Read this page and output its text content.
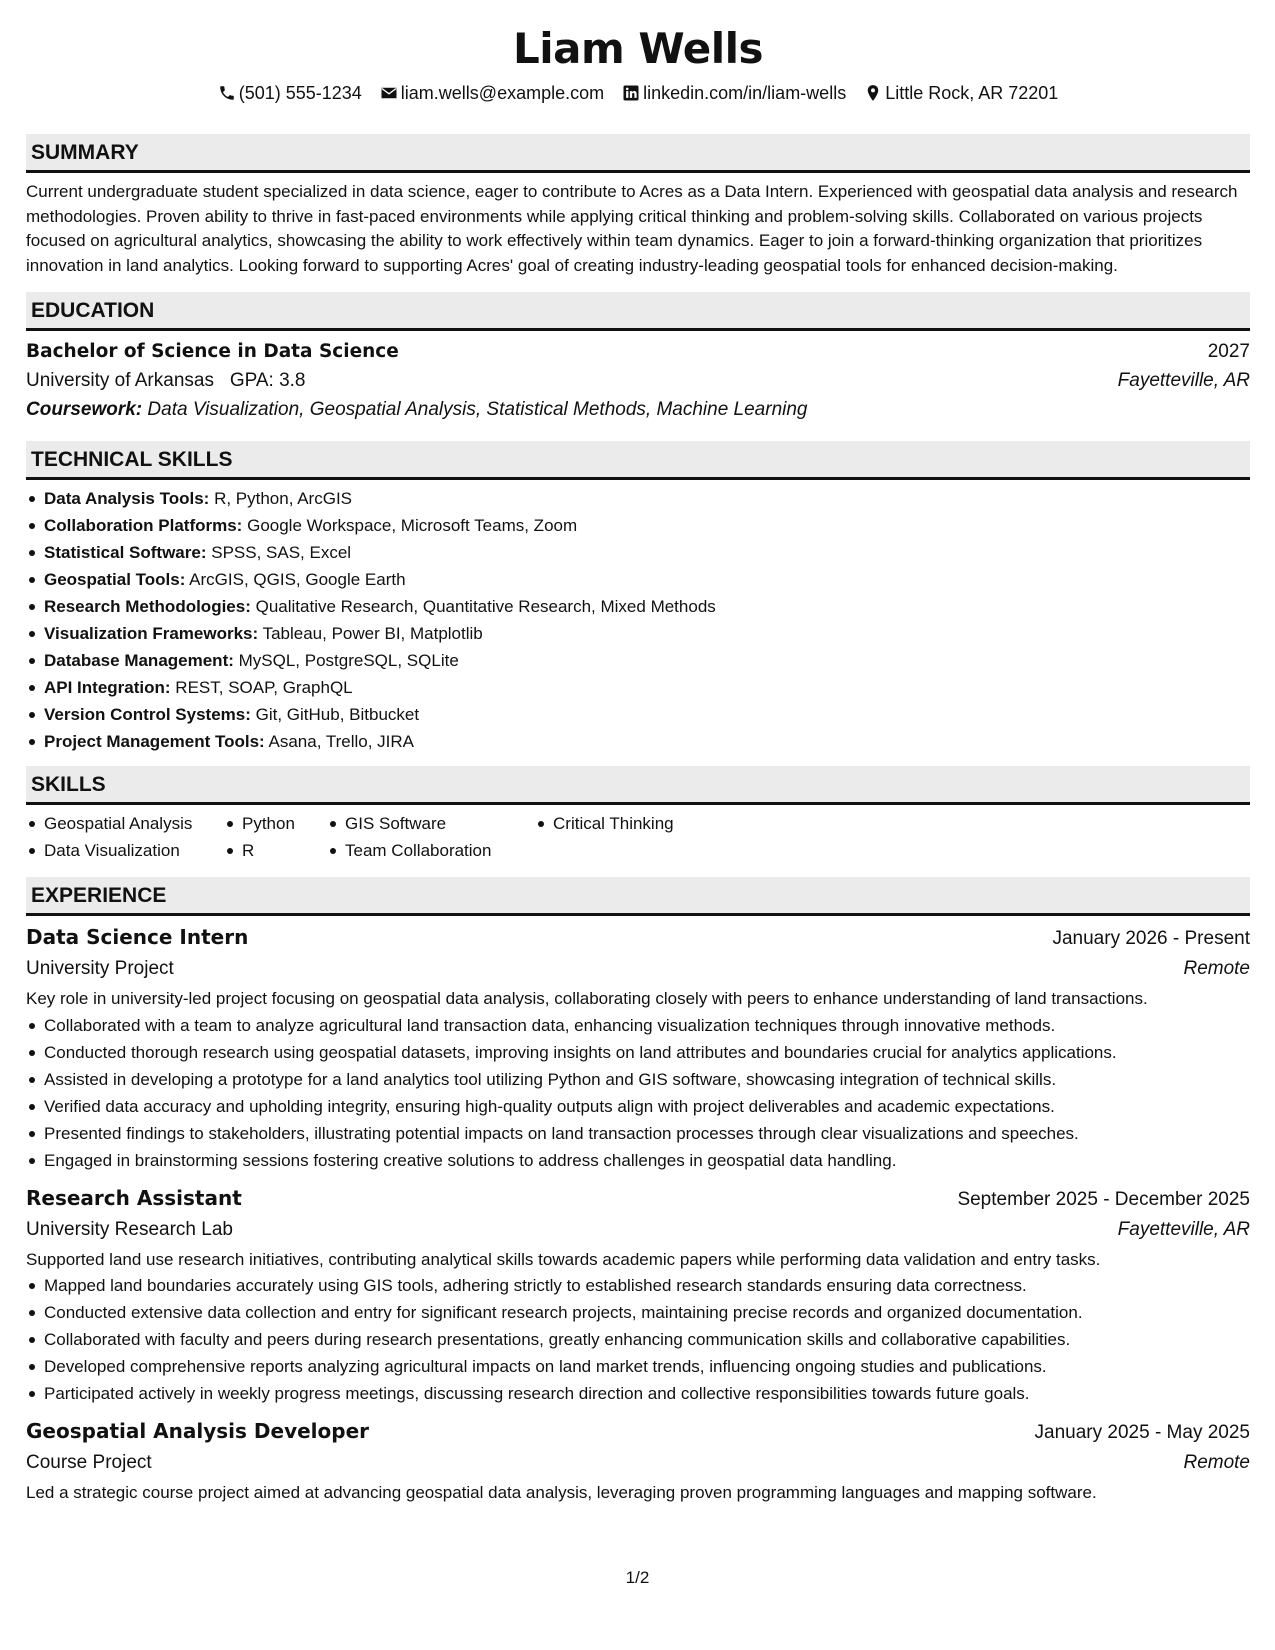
Liam Wells
(501) 555-1234 liam.wells@example.com linkedin.com/in/liam-wells Little Rock, AR 72201
SUMMARY
Current undergraduate student specialized in data science, eager to contribute to Acres as a Data Intern. Experienced with geospatial data analysis and research methodologies. Proven ability to thrive in fast-paced environments while applying critical thinking and problem-solving skills. Collaborated on various projects focused on agricultural analytics, showcasing the ability to work effectively within team dynamics. Eager to join a forward-thinking organization that prioritizes innovation in land analytics. Looking forward to supporting Acres' goal of creating industry-leading geospatial tools for enhanced decision-making.
EDUCATION
Bachelor of Science in Data Science	2027
University of Arkansas GPA: 3.8	Fayetteville, AR
Coursework: Data Visualization, Geospatial Analysis, Statistical Methods, Machine Learning
TECHNICAL SKILLS
Data Analysis Tools: R, Python, ArcGIS
Collaboration Platforms: Google Workspace, Microsoft Teams, Zoom
Statistical Software: SPSS, SAS, Excel
Geospatial Tools: ArcGIS, QGIS, Google Earth
Research Methodologies: Qualitative Research, Quantitative Research, Mixed Methods
Visualization Frameworks: Tableau, Power BI, Matplotlib
Database Management: MySQL, PostgreSQL, SQLite
API Integration: REST, SOAP, GraphQL
Version Control Systems: Git, GitHub, Bitbucket
Project Management Tools: Asana, Trello, JIRA
SKILLS
Geospatial Analysis
Data Visualization
Python
R
GIS Software
Team Collaboration
Critical Thinking
EXPERIENCE
Data Science Intern	January 2026 - Present
University Project	Remote
Key role in university-led project focusing on geospatial data analysis, collaborating closely with peers to enhance understanding of land transactions.
Collaborated with a team to analyze agricultural land transaction data, enhancing visualization techniques through innovative methods.
Conducted thorough research using geospatial datasets, improving insights on land attributes and boundaries crucial for analytics applications.
Assisted in developing a prototype for a land analytics tool utilizing Python and GIS software, showcasing integration of technical skills.
Verified data accuracy and upholding integrity, ensuring high-quality outputs align with project deliverables and academic expectations.
Presented findings to stakeholders, illustrating potential impacts on land transaction processes through clear visualizations and speeches.
Engaged in brainstorming sessions fostering creative solutions to address challenges in geospatial data handling.
Research Assistant	September 2025 - December 2025
University Research Lab	Fayetteville, AR
Supported land use research initiatives, contributing analytical skills towards academic papers while performing data validation and entry tasks.
Mapped land boundaries accurately using GIS tools, adhering strictly to established research standards ensuring data correctness.
Conducted extensive data collection and entry for significant research projects, maintaining precise records and organized documentation.
Collaborated with faculty and peers during research presentations, greatly enhancing communication skills and collaborative capabilities.
Developed comprehensive reports analyzing agricultural impacts on land market trends, influencing ongoing studies and publications.
Participated actively in weekly progress meetings, discussing research direction and collective responsibilities towards future goals.
Geospatial Analysis Developer	January 2025 - May 2025
Course Project	Remote
Led a strategic course project aimed at advancing geospatial data analysis, leveraging proven programming languages and mapping software.
1/2
